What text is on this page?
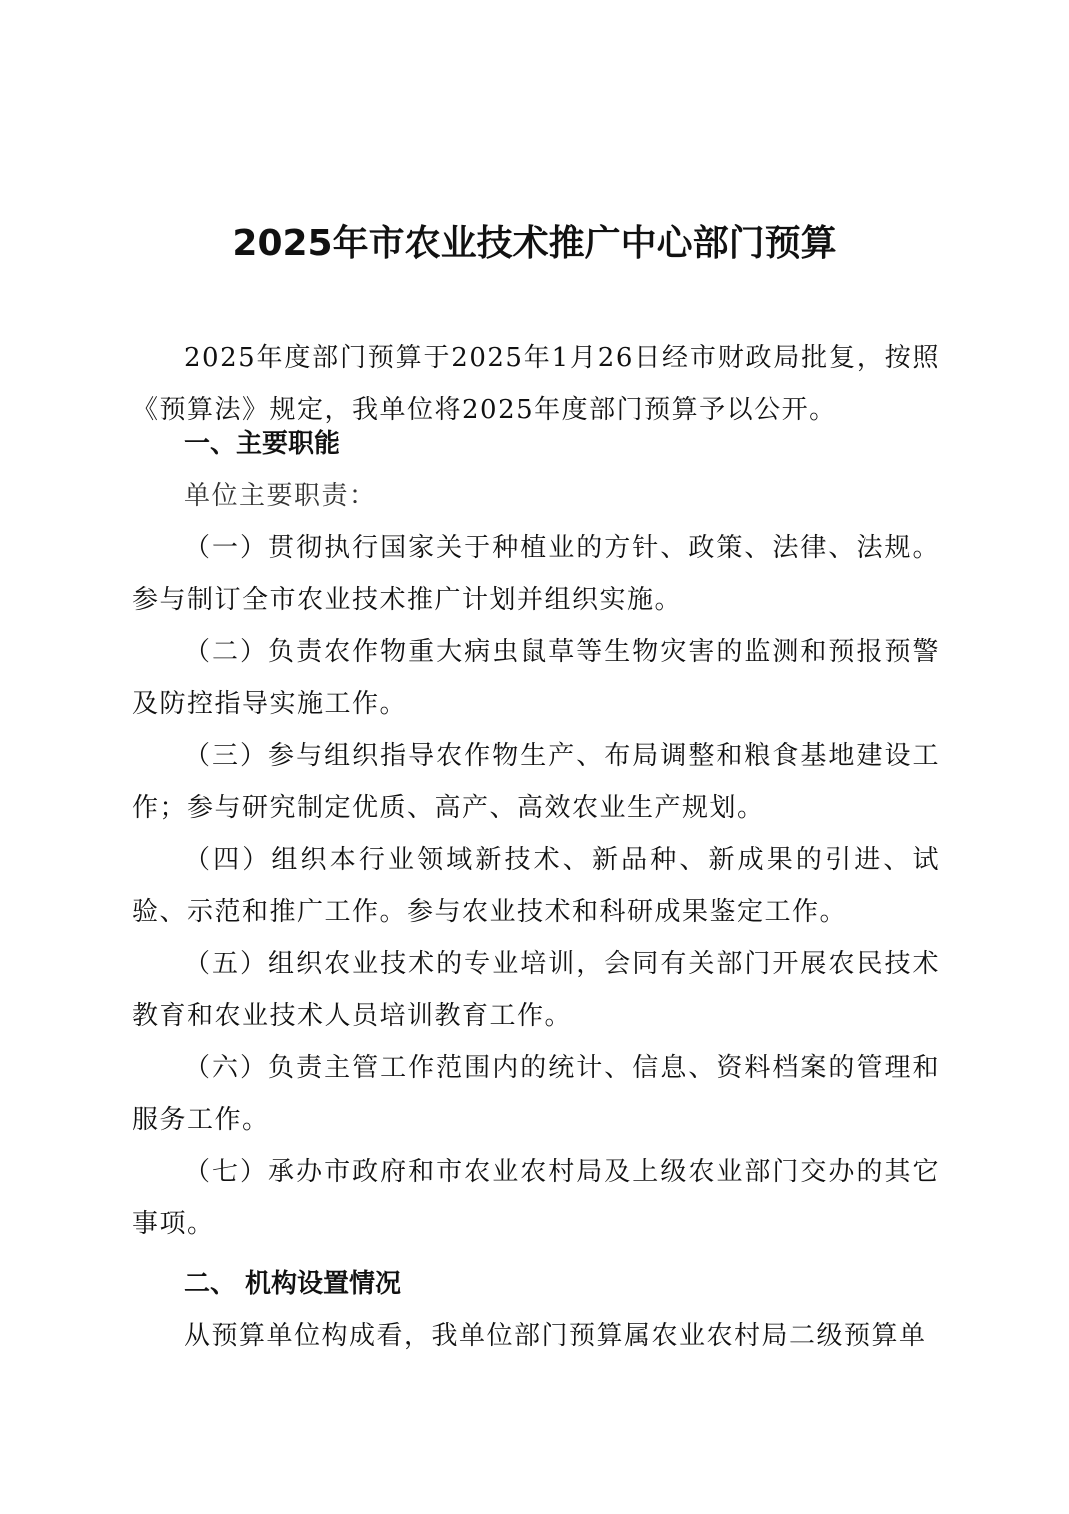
2025年市农业技术推广中心部门预算

2025年度部门预算于2025年1月26日经市财政局批复，按照《预算法》规定，我单位将2025年度部门预算予以公开。

一、主要职能

单位主要职责：

（一）贯彻执行国家关于种植业的方针、政策、法律、法规。参与制订全市农业技术推广计划并组织实施。

（二）负责农作物重大病虫鼠草等生物灾害的监测和预报预警及防控指导实施工作。

（三）参与组织指导农作物生产、布局调整和粮食基地建设工作；参与研究制定优质、高产、高效农业生产规划。

（四）组织本行业领域新技术、新品种、新成果的引进、试验、示范和推广工作。参与农业技术和科研成果鉴定工作。

（五）组织农业技术的专业培训，会同有关部门开展农民技术教育和农业技术人员培训教育工作。

（六）负责主管工作范围内的统计、信息、资料档案的管理和服务工作。

（七）承办市政府和市农业农村局及上级农业部门交办的其它事项。

二、 机构设置情况

从预算单位构成看，我单位部门预算属农业农村局二级预算单
